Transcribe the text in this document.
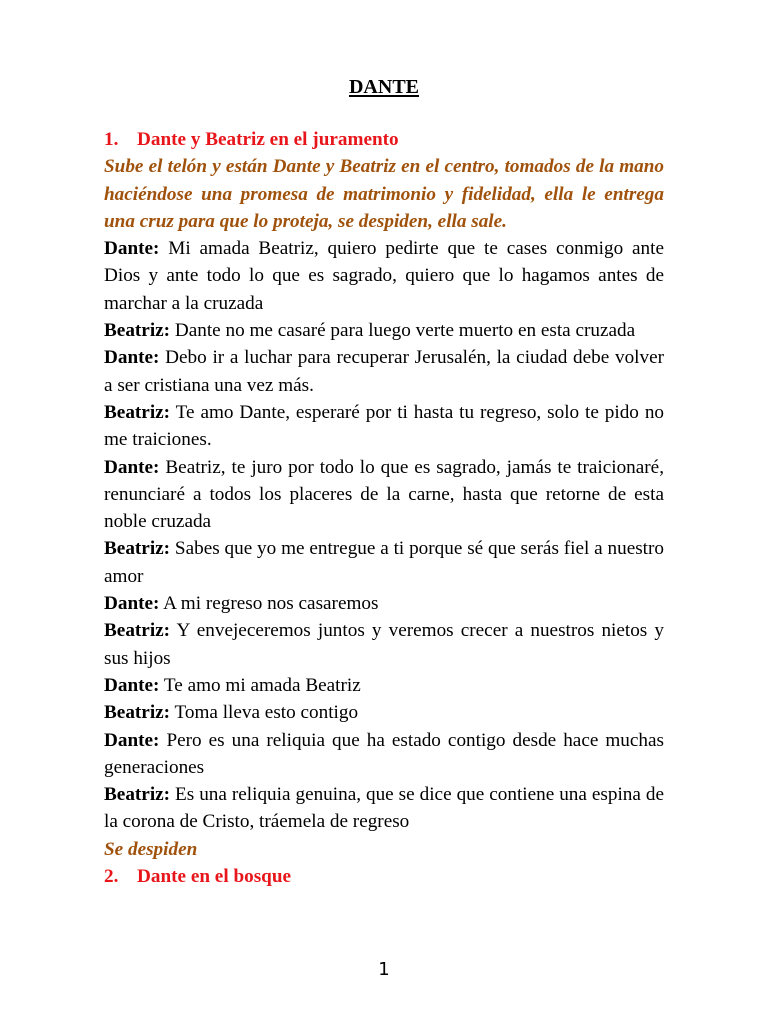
DANTE
1. Dante y Beatriz en el juramento
Sube el telón y están Dante y Beatriz en el centro, tomados de la mano haciéndose una promesa de matrimonio y fidelidad, ella le entrega una cruz para que lo proteja, se despiden, ella sale.
Dante: Mi amada Beatriz, quiero pedirte que te cases conmigo ante Dios y ante todo lo que es sagrado, quiero que lo hagamos antes de marchar a la cruzada
Beatriz: Dante no me casaré para luego verte muerto en esta cruzada
Dante: Debo ir a luchar para recuperar Jerusalén, la ciudad debe volver a ser cristiana una vez más.
Beatriz: Te amo Dante, esperaré por ti hasta tu regreso, solo te pido no me traiciones.
Dante: Beatriz, te juro por todo lo que es sagrado, jamás te traicionaré, renunciaré a todos los placeres de la carne, hasta que retorne de esta noble cruzada
Beatriz: Sabes que yo me entregue a ti porque sé que serás fiel a nuestro amor
Dante: A mi regreso nos casaremos
Beatriz: Y envejeceremos juntos y veremos crecer a nuestros nietos y sus hijos
Dante: Te amo mi amada Beatriz
Beatriz: Toma lleva esto contigo
Dante: Pero es una reliquia que ha estado contigo desde hace muchas generaciones
Beatriz: Es una reliquia genuina, que se dice que contiene una espina de la corona de Cristo, tráemela de regreso
Se despiden
2. Dante en el bosque
1
